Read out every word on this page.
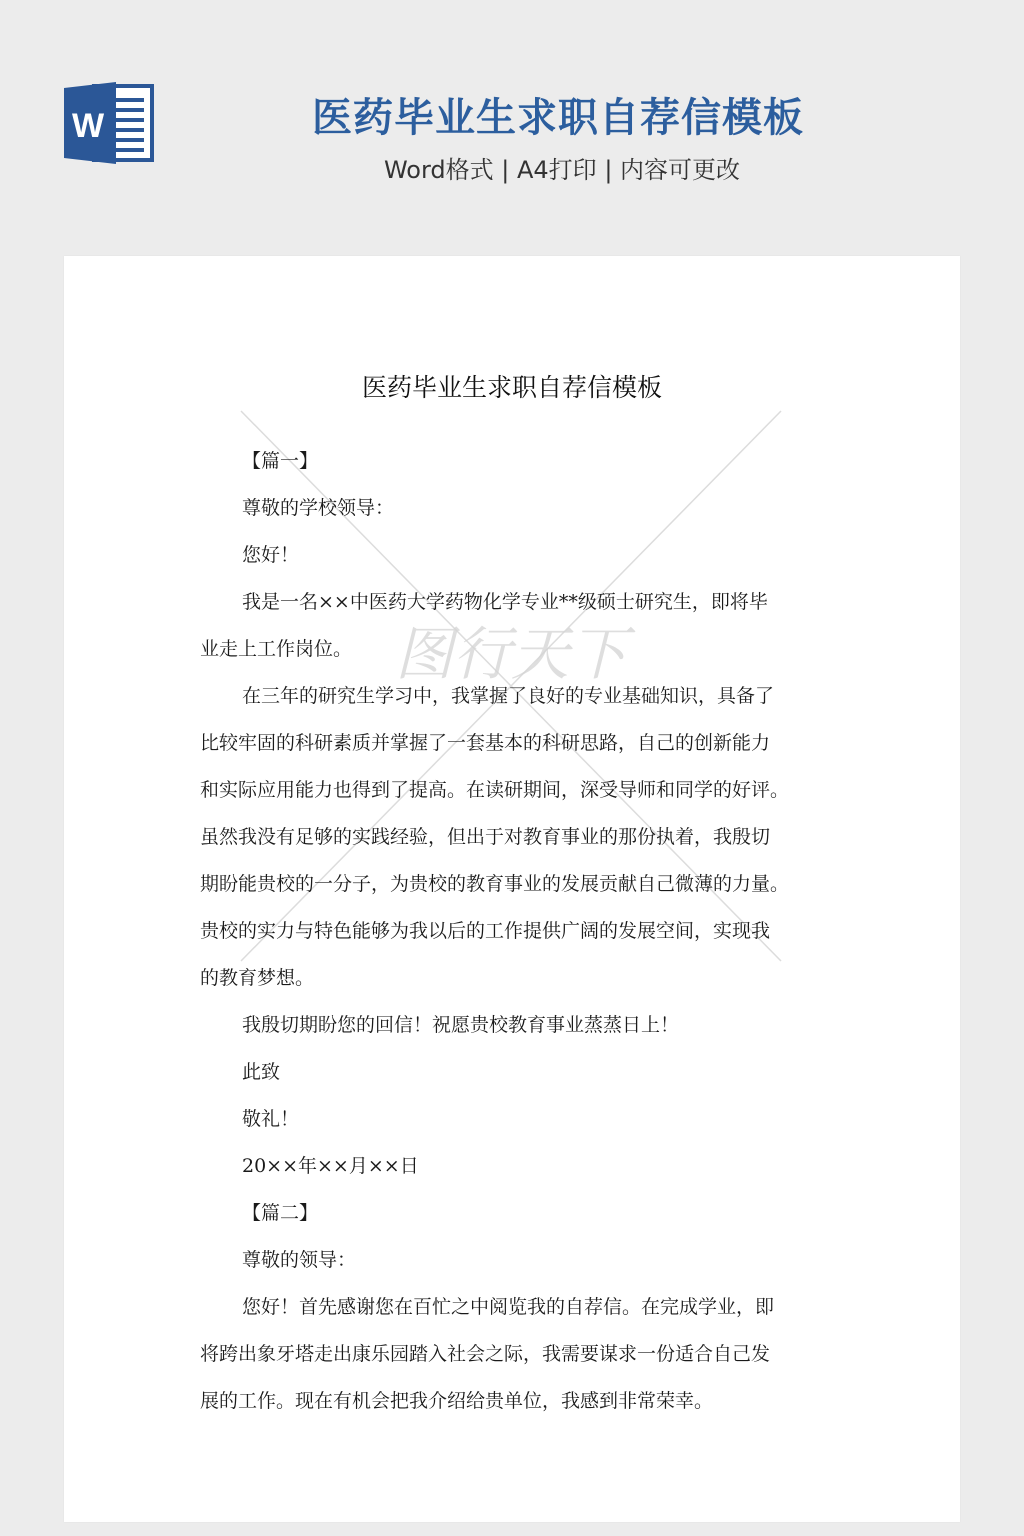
W	医药毕业生求职自荐信模板
Word格式 | A4打印 | 内容可更改
图行天下
医药毕业生求职自荐信模板
【篇一】
尊敬的学校领导：
您好！
我是一名××中医药大学药物化学专业**级硕士研究生，即将毕
业走上工作岗位。
在三年的研究生学习中，我掌握了良好的专业基础知识，具备了
比较牢固的科研素质并掌握了一套基本的科研思路，自己的创新能力
和实际应用能力也得到了提高。在读研期间，深受导师和同学的好评。
虽然我没有足够的实践经验，但出于对教育事业的那份执着，我殷切
期盼能贵校的一分子，为贵校的教育事业的发展贡献自己微薄的力量。
贵校的实力与特色能够为我以后的工作提供广阔的发展空间，实现我
的教育梦想。
我殷切期盼您的回信！祝愿贵校教育事业蒸蒸日上！
此致
敬礼！
20××年××月××日
【篇二】
尊敬的领导：
您好！首先感谢您在百忙之中阅览我的自荐信。在完成学业，即
将跨出象牙塔走出康乐园踏入社会之际，我需要谋求一份适合自己发
展的工作。现在有机会把我介绍给贵单位，我感到非常荣幸。
